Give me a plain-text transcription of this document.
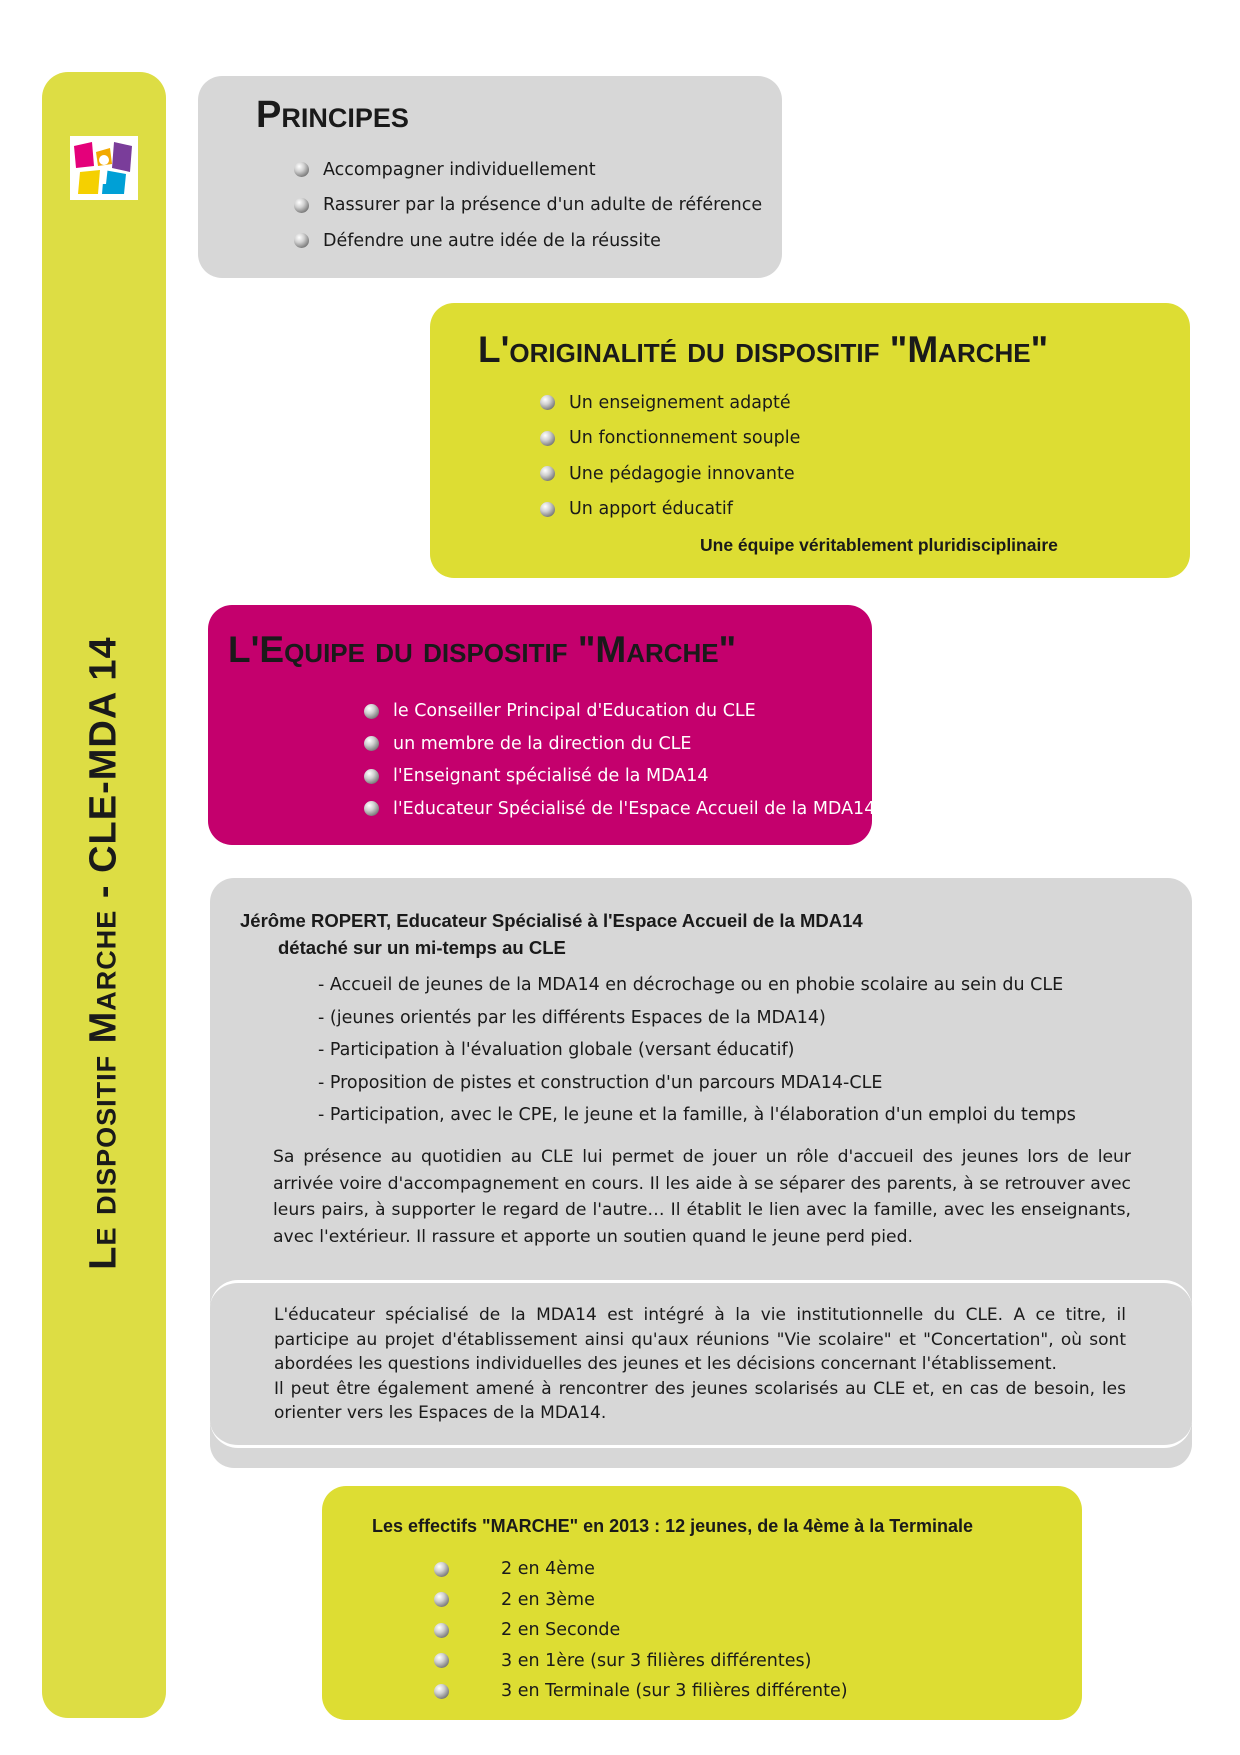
Le dispositif Marche - CLE-MDA 14
Principes
Accompagner individuellement
Rassurer par la présence d'un adulte de référence
Défendre une autre idée de la réussite
L'originalité du dispositif "Marche"
Un enseignement adapté
Un fonctionnement souple
Une pédagogie innovante
Un apport éducatif
Une équipe véritablement pluridisciplinaire
L'Equipe du dispositif "Marche"
le Conseiller Principal d'Education du CLE
un membre de la direction du CLE
l'Enseignant spécialisé de la MDA14
l'Educateur Spécialisé de l'Espace Accueil de la MDA14
Jérôme ROPERT, Educateur Spécialisé à l'Espace Accueil de la MDA14
détaché sur un mi-temps au CLE
- Accueil de jeunes de la MDA14 en décrochage ou en phobie scolaire au sein du CLE
- (jeunes orientés par les différents Espaces de la MDA14)
- Participation à l'évaluation globale (versant éducatif)
- Proposition de pistes et construction d'un parcours MDA14-CLE
- Participation, avec le CPE, le jeune et la famille, à l'élaboration d'un emploi du temps
Sa présence au quotidien au CLE lui permet de jouer un rôle d'accueil des jeunes lors de leur arrivée voire d'accompagnement en cours. Il les aide à se séparer des parents, à se retrouver avec leurs pairs, à supporter le regard de l'autre… Il établit le lien avec la famille, avec les enseignants, avec l'extérieur. Il rassure et apporte un soutien quand le jeune perd pied.
L'éducateur spécialisé de la MDA14 est intégré à la vie institutionnelle du CLE. A ce titre, il participe au projet d'établissement ainsi qu'aux réunions "Vie scolaire" et "Concertation", où sont abordées les questions individuelles des jeunes et les décisions concernant l'établissement.
Il peut être également amené à rencontrer des jeunes scolarisés au CLE et, en cas de besoin, les orienter vers les Espaces de la MDA14.
Les effectifs "MARCHE" en 2013 : 12 jeunes, de la 4ème à la Terminale
2 en 4ème
2 en 3ème
2 en Seconde
3 en 1ère (sur 3 filières différentes)
3 en Terminale (sur 3 filières différente)
